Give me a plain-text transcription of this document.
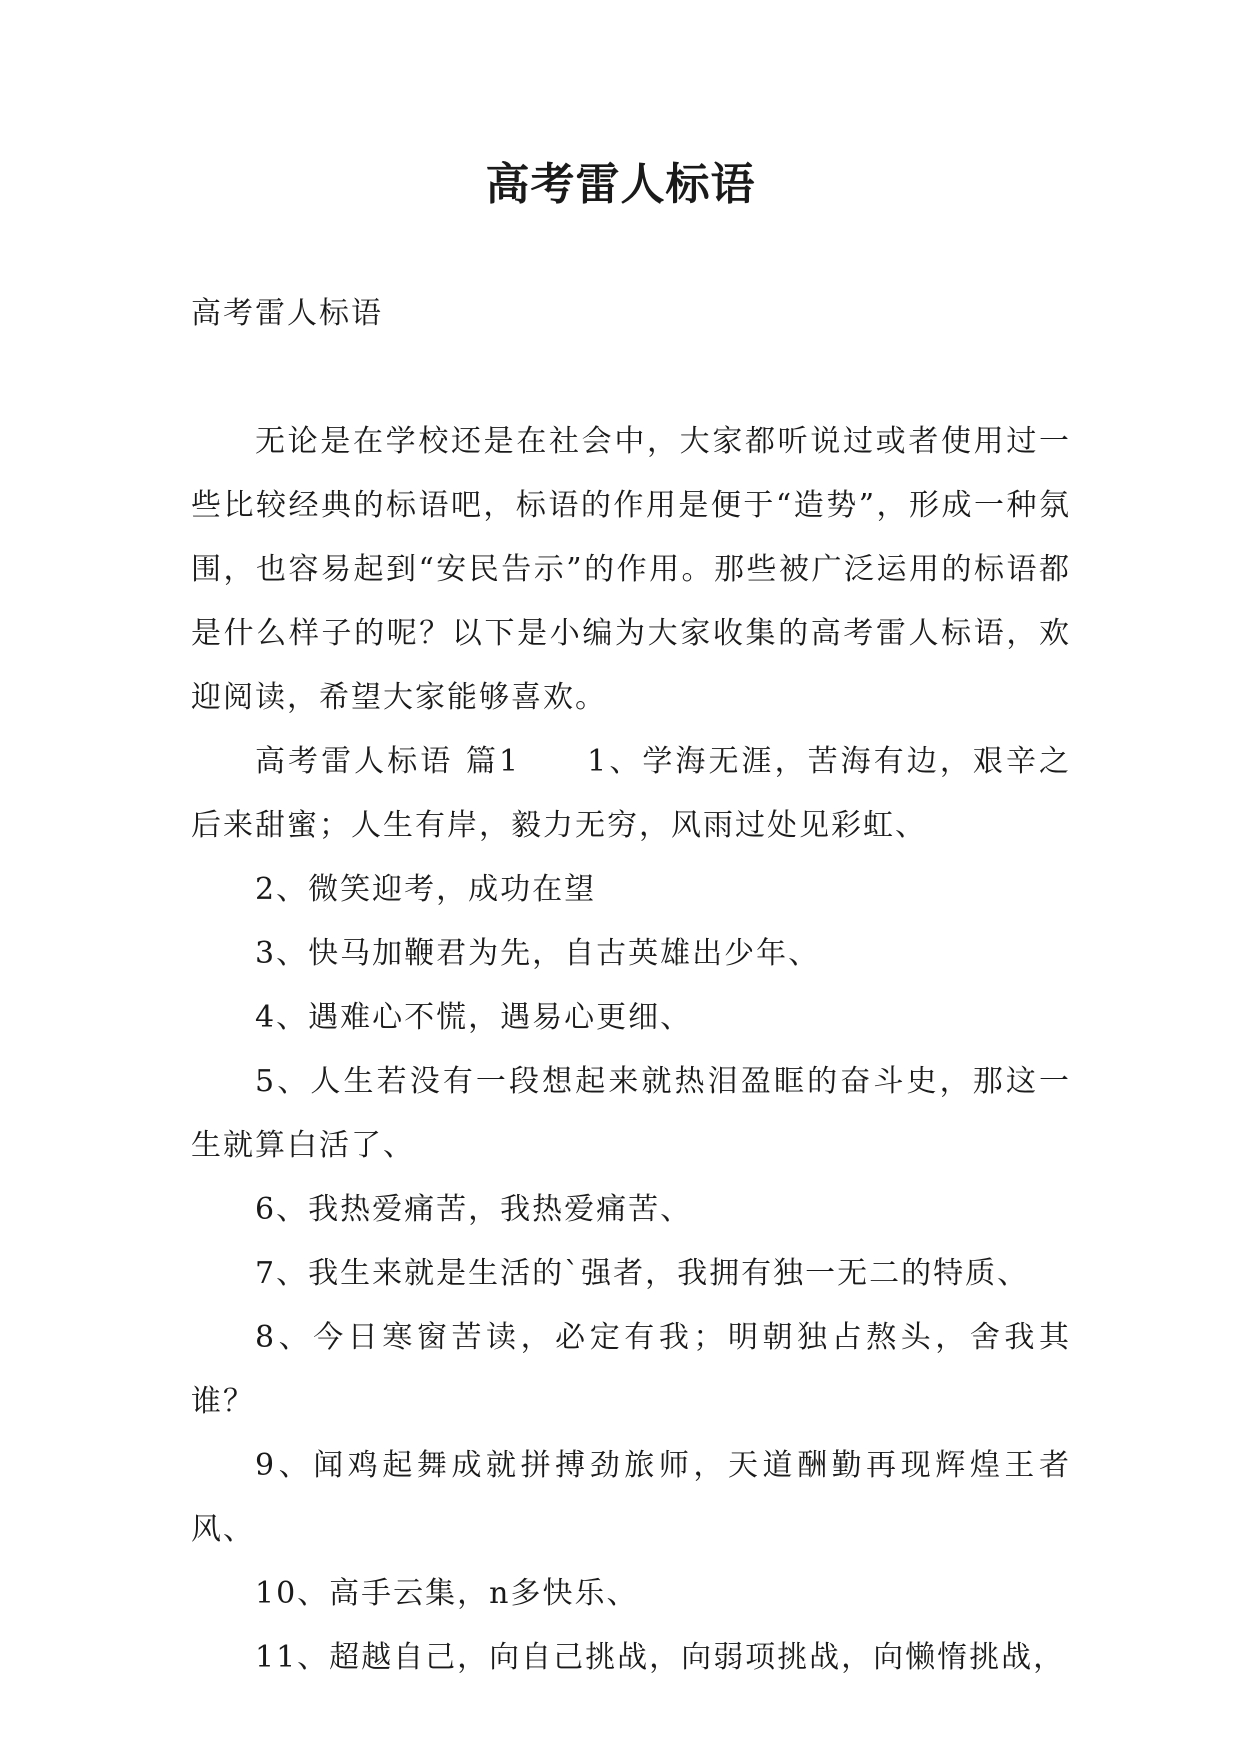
高考雷人标语

高考雷人标语

无论是在学校还是在社会中，大家都听说过或者使用过一些比较经典的标语吧，标语的作用是便于“造势”，形成一种氛围，也容易起到“安民告示”的作用。那些被广泛运用的标语都是什么样子的呢？以下是小编为大家收集的高考雷人标语，欢迎阅读，希望大家能够喜欢。

高考雷人标语 篇1　　1、学海无涯，苦海有边，艰辛之后来甜蜜；人生有岸，毅力无穷，风雨过处见彩虹、

2、微笑迎考，成功在望

3、快马加鞭君为先，自古英雄出少年、

4、遇难心不慌，遇易心更细、

5、人生若没有一段想起来就热泪盈眶的奋斗史，那这一生就算白活了、

6、我热爱痛苦，我热爱痛苦、

7、我生来就是生活的`强者，我拥有独一无二的特质、

8、今日寒窗苦读，必定有我；明朝独占熬头，舍我其谁？

9、闻鸡起舞成就拼搏劲旅师，天道酬勤再现辉煌王者风、

10、高手云集，n多快乐、

11、超越自己，向自己挑战，向弱项挑战，向懒惰挑战，
